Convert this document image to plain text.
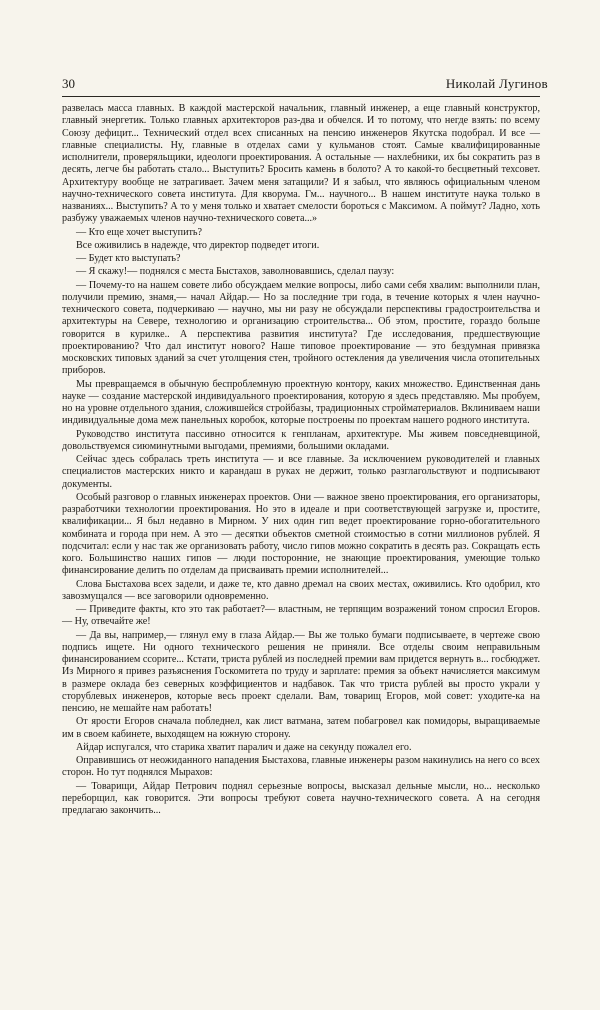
30	Николай Лугинов

развелась масса главных. В каждой мастерской начальник, главный инженер, а еще главный конструктор, главный энергетик. Только главных архитекторов раз-два и обчелся. И то потому, что негде взять: по всему Союзу дефицит... Технический отдел всех списанных на пенсию инженеров Якутска подобрал. И все — главные специалисты. Ну, главные в отделах сами у кульманов стоят. Самые квалифицированные исполнители, проверяльщики, идеологи проектирования. А остальные — нахлебники, их бы сократить раз в десять, легче бы работать стало... Выступить? Бросить камень в болото? А то какой-то бесцветный техсовет. Архитектуру вообще не затрагивает. Зачем меня затащили? И я забыл, что являюсь официальным членом научно-технического совета института. Для кворума. Гм... научного... В нашем институте наука только в названиях... Выступить? А то у меня только и хватает смелости бороться с Максимом. А поймут? Ладно, хоть разбужу уважаемых членов научно-технического совета...»

— Кто еще хочет выступить?

Все оживились в надежде, что директор подведет итоги.

— Будет кто выступать?

— Я скажу!— поднялся с места Быстахов, заволновавшись, сделал паузу:

— Почему-то на нашем совете либо обсуждаем мелкие вопросы, либо сами себя хвалим: выполнили план, получили премию, знамя,— начал Айдар.— Но за последние три года, в течение которых я член научно-технического совета, подчеркиваю — научно, мы ни разу не обсуждали перспективы градостроительства и архитектуры на Севере, технологию и организацию строительства... Об этом, простите, гораздо больше говорится в курилке.. А перспектива развития института? Где исследования, предшествующие проектированию? Что дал институт нового? Наше типовое проектирование — это бездумная привязка московских типовых зданий за счет утолщения стен, тройного остекления да увеличения числа отопительных приборов.

Мы превращаемся в обычную беспроблемную проектную контору, каких множество. Единственная дань науке — создание мастерской индивидуального проектирования, которую я здесь представляю. Мы пробуем, но на уровне отдельного здания, сложившейся стройбазы, традиционных стройматериалов. Вклиниваем наши индивидуальные дома меж панельных коробок, которые построены по проектам нашего родного института.

Руководство института пассивно относится к генпланам, архитектуре. Мы живем повседневщиной, довольствуемся сиюминутными выгодами, премиями, большими окладами.

Сейчас здесь собралась треть института — и все главные. За исключением руководителей и главных специалистов мастерских никто и карандаш в руках не держит, только разглагольствуют и подписывают документы.

Особый разговор о главных инженерах проектов. Они — важное звено проектирования, его организаторы, разработчики технологии проектирования. Но это в идеале и при соответствующей загрузке и, простите, квалификации... Я был недавно в Мирном. У них один гип ведет проектирование горно-обогатительного комбината и города при нем. А это — десятки объектов сметной стоимостью в сотни миллионов рублей. Я подсчитал: если у нас так же организовать работу, число гипов можно сократить в десять раз. Сокращать есть кого. Большинство наших гипов — люди посторонние, не знающие проектирования, умеющие только финансирование делить по отделам да присваивать премии исполнителей...

Слова Быстахова всех задели, и даже те, кто давно дремал на своих местах, оживились. Кто одобрил, кто завозмущался — все заговорили одновременно.

— Приведите факты, кто это так работает?— властным, не терпящим возражений тоном спросил Егоров.— Ну, отвечайте же!

— Да вы, например,— глянул ему в глаза Айдар.— Вы же только бумаги подписываете, в чертеже свою подпись ищете. Ни одного технического решения не приняли. Все отделы своим неправильным финансированием ссорите... Кстати, триста рублей из последней премии вам придется вернуть в... госбюджет. Из Мирного я привез разъяснения Госкомитета по труду и зарплате: премия за объект начисляется максимум в размере оклада без северных коэффициентов и надбавок. Так что триста рублей вы просто украли у сторублевых инженеров, которые весь проект сделали. Вам, товарищ Егоров, мой совет: уходите-ка на пенсию, не мешайте нам работать!

От ярости Егоров сначала побледнел, как лист ватмана, затем побагровел как помидоры, выращиваемые им в своем кабинете, выходящем на южную сторону.

Айдар испугался, что старика хватит паралич и даже на секунду пожалел его.

Оправившись от неожиданного нападения Быстахова, главные инженеры разом накинулись на него со всех сторон. Но тут поднялся Мырахов:

— Товарищи, Айдар Петрович поднял серьезные вопросы, высказал дельные мысли, но... несколько переборщил, как говорится. Эти вопросы требуют совета научно-технического совета. А на сегодня предлагаю закончить...
